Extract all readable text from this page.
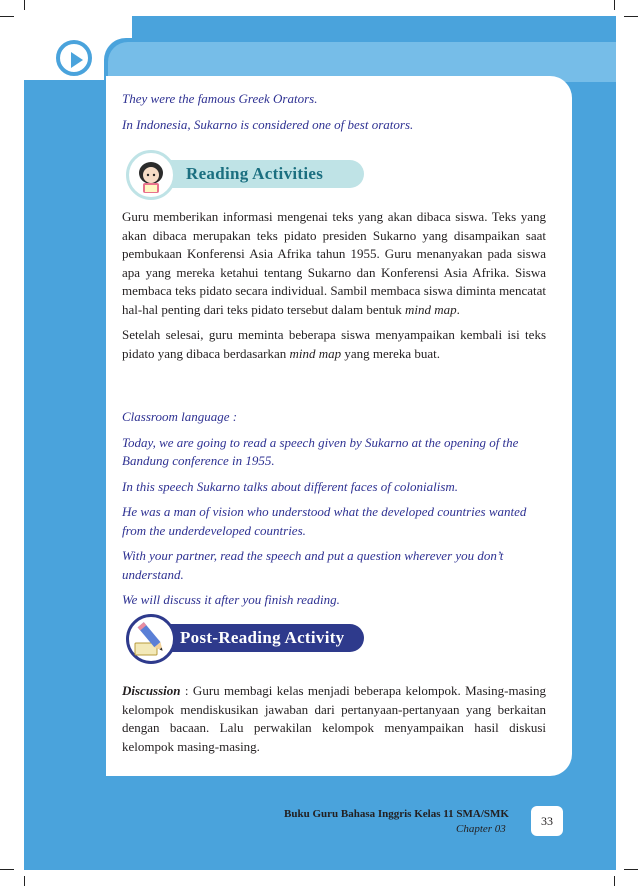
They were the famous Greek Orators.
In Indonesia, Sukarno is considered one of best orators.
Reading Activities
Guru memberikan informasi mengenai teks yang akan dibaca siswa. Teks yang akan dibaca merupakan teks pidato presiden Sukarno yang disampaikan saat pembukaan Konferensi Asia Afrika tahun 1955. Guru menanyakan pada siswa apa yang mereka ketahui tentang Sukarno dan Konferensi Asia Afrika. Siswa membaca teks pidato secara individual. Sambil membaca siswa diminta mencatat hal-hal penting dari teks pidato tersebut dalam bentuk mind map.
Setelah selesai, guru meminta beberapa siswa menyampaikan kembali isi teks pidato yang dibaca berdasarkan mind map yang mereka buat.
Classroom language :
Today, we are going to read a speech given by Sukarno at the opening of the Bandung conference in 1955.
In this speech Sukarno talks about different faces of colonialism.
He was a man of vision who understood what the developed countries wanted from the underdeveloped countries.
With your partner, read the speech and put a question wherever you don’t understand.
We will discuss it after you finish reading.
Post-Reading Activity
Discussion : Guru membagi kelas menjadi beberapa kelompok. Masing-masing kelompok mendiskusikan jawaban dari pertanyaan-pertanyaan yang berkaitan dengan bacaan. Lalu perwakilan kelompok menyampaikan hasil diskusi kelompok masing-masing.
Buku Guru Bahasa Inggris Kelas 11 SMA/SMK
Chapter 03
33
